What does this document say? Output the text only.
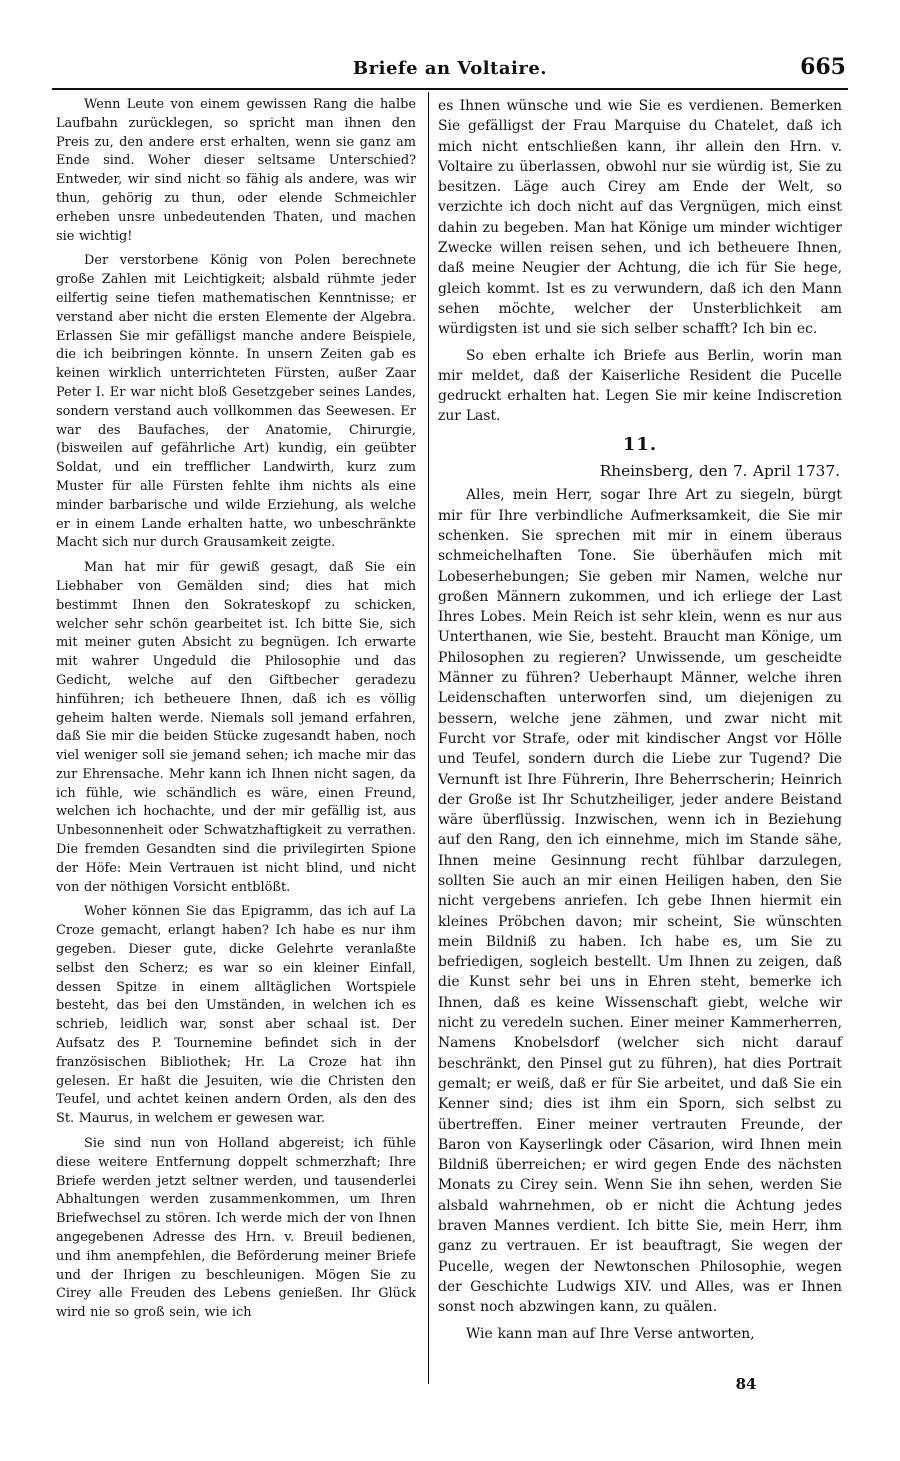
Briefe an Voltaire.	665

Wenn Leute von einem gewissen Rang die halbe Laufbahn zurücklegen, so spricht man ihnen den Preis zu, den andere erst erhalten, wenn sie ganz am Ende sind. Woher dieser seltsame Unterschied? Entweder, wir sind nicht so fähig als andere, was wir thun, gehörig zu thun, oder elende Schmeichler erheben unsre unbedeutenden Thaten, und machen sie wichtig!

Der verstorbene König von Polen berechnete große Zahlen mit Leichtigkeit; alsbald rühmte jeder eilfertig seine tiefen mathematischen Kenntnisse; er verstand aber nicht die ersten Elemente der Algebra. Erlassen Sie mir gefälligst manche andere Beispiele, die ich beibringen könnte. In unsern Zeiten gab es keinen wirklich unterrichteten Fürsten, außer Zaar Peter I. Er war nicht bloß Gesetzgeber seines Landes, sondern verstand auch vollkommen das Seewesen. Er war des Baufaches, der Anatomie, Chirurgie, (bisweilen auf gefährliche Art) kundig, ein geübter Soldat, und ein trefflicher Landwirth, kurz zum Muster für alle Fürsten fehlte ihm nichts als eine minder barbarische und wilde Erziehung, als welche er in einem Lande erhalten hatte, wo unbeschränkte Macht sich nur durch Grausamkeit zeigte.

Man hat mir für gewiß gesagt, daß Sie ein Liebhaber von Gemälden sind; dies hat mich bestimmt Ihnen den Sokrateskopf zu schicken, welcher sehr schön gearbeitet ist. Ich bitte Sie, sich mit meiner guten Absicht zu begnügen. Ich erwarte mit wahrer Ungeduld die Philosophie und das Gedicht, welche auf den Giftbecher geradezu hinführen; ich betheuere Ihnen, daß ich es völlig geheim halten werde. Niemals soll jemand erfahren, daß Sie mir die beiden Stücke zugesandt haben, noch viel weniger soll sie jemand sehen; ich mache mir das zur Ehrensache. Mehr kann ich Ihnen nicht sagen, da ich fühle, wie schändlich es wäre, einen Freund, welchen ich hochachte, und der mir gefällig ist, aus Unbesonnenheit oder Schwatzhaftigkeit zu verrathen. Die fremden Gesandten sind die privilegirten Spione der Höfe: Mein Vertrauen ist nicht blind, und nicht von der nöthigen Vorsicht entblößt.

Woher können Sie das Epigramm, das ich auf La Croze gemacht, erlangt haben? Ich habe es nur ihm gegeben. Dieser gute, dicke Gelehrte veranlaßte selbst den Scherz; es war so ein kleiner Einfall, dessen Spitze in einem alltäglichen Wortspiele besteht, das bei den Umständen, in welchen ich es schrieb, leidlich war, sonst aber schaal ist. Der Aufsatz des P. Tournemine befindet sich in der französischen Bibliothek; Hr. La Croze hat ihn gelesen. Er haßt die Jesuiten, wie die Christen den Teufel, und achtet keinen andern Orden, als den des St. Maurus, in welchem er gewesen war.

Sie sind nun von Holland abgereist; ich fühle diese weitere Entfernung doppelt schmerzhaft; Ihre Briefe werden jetzt seltner werden, und tausenderlei Abhaltungen werden zusammenkommen, um Ihren Briefwechsel zu stören. Ich werde mich der von Ihnen angegebenen Adresse des Hrn. v. Breuil bedienen, und ihm anempfehlen, die Beförderung meiner Briefe und der Ihrigen zu beschleunigen. Mögen Sie zu Cirey alle Freuden des Lebens genießen. Ihr Glück wird nie so groß sein, wie ich

es Ihnen wünsche und wie Sie es verdienen. Bemerken Sie gefälligst der Frau Marquise du Chatelet, daß ich mich nicht entschließen kann, ihr allein den Hrn. v. Voltaire zu überlassen, obwohl nur sie würdig ist, Sie zu besitzen. Läge auch Cirey am Ende der Welt, so verzichte ich doch nicht auf das Vergnügen, mich einst dahin zu begeben. Man hat Könige um minder wichtiger Zwecke willen reisen sehen, und ich betheuere Ihnen, daß meine Neugier der Achtung, die ich für Sie hege, gleich kommt. Ist es zu verwundern, daß ich den Mann sehen möchte, welcher der Unsterblichkeit am würdigsten ist und sie sich selber schafft? Ich bin ec.

So eben erhalte ich Briefe aus Berlin, worin man mir meldet, daß der Kaiserliche Resident die Pucelle gedruckt erhalten hat. Legen Sie mir keine Indiscretion zur Last.

11.
Rheinsberg, den 7. April 1737.

Alles, mein Herr, sogar Ihre Art zu siegeln, bürgt mir für Ihre verbindliche Aufmerksamkeit, die Sie mir schenken. Sie sprechen mit mir in einem überaus schmeichelhaften Tone. Sie überhäufen mich mit Lobeserhebungen; Sie geben mir Namen, welche nur großen Männern zukommen, und ich erliege der Last Ihres Lobes. Mein Reich ist sehr klein, wenn es nur aus Unterthanen, wie Sie, besteht. Braucht man Könige, um Philosophen zu regieren? Unwissende, um gescheidte Männer zu führen? Ueberhaupt Männer, welche ihren Leidenschaften unterworfen sind, um diejenigen zu bessern, welche jene zähmen, und zwar nicht mit Furcht vor Strafe, oder mit kindischer Angst vor Hölle und Teufel, sondern durch die Liebe zur Tugend? Die Vernunft ist Ihre Führerin, Ihre Beherrscherin; Heinrich der Große ist Ihr Schutzheiliger, jeder andere Beistand wäre überflüssig. Inzwischen, wenn ich in Beziehung auf den Rang, den ich einnehme, mich im Stande sähe, Ihnen meine Gesinnung recht fühlbar darzulegen, sollten Sie auch an mir einen Heiligen haben, den Sie nicht vergebens anriefen. Ich gebe Ihnen hiermit ein kleines Pröbchen davon; mir scheint, Sie wünschten mein Bildniß zu haben. Ich habe es, um Sie zu befriedigen, sogleich bestellt. Um Ihnen zu zeigen, daß die Kunst sehr bei uns in Ehren steht, bemerke ich Ihnen, daß es keine Wissenschaft giebt, welche wir nicht zu veredeln suchen. Einer meiner Kammerherren, Namens Knobelsdorf (welcher sich nicht darauf beschränkt, den Pinsel gut zu führen), hat dies Portrait gemalt; er weiß, daß er für Sie arbeitet, und daß Sie ein Kenner sind; dies ist ihm ein Sporn, sich selbst zu übertreffen. Einer meiner vertrauten Freunde, der Baron von Kayserlingk oder Cäsarion, wird Ihnen mein Bildniß überreichen; er wird gegen Ende des nächsten Monats zu Cirey sein. Wenn Sie ihn sehen, werden Sie alsbald wahrnehmen, ob er nicht die Achtung jedes braven Mannes verdient. Ich bitte Sie, mein Herr, ihm ganz zu vertrauen. Er ist beauftragt, Sie wegen der Pucelle, wegen der Newtonschen Philosophie, wegen der Geschichte Ludwigs XIV. und Alles, was er Ihnen sonst noch abzwingen kann, zu quälen.

Wie kann man auf Ihre Verse antworten,

84
